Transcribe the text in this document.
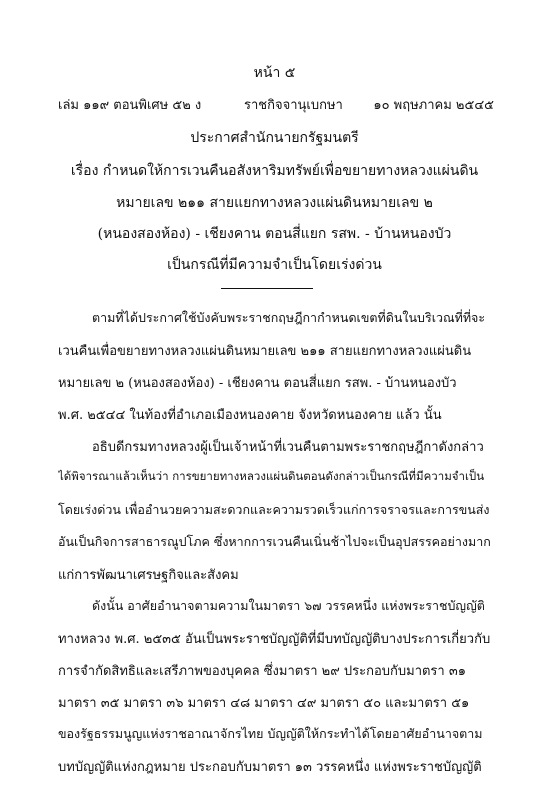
หน้า ๕
เล่ม ๑๑๙ ตอนพิเศษ ๕๒ ง	ราชกิจจานุเบกษา ๑๐ พฤษภาคม ๒๕๔๕
ประกาศสำนักนายกรัฐมนตรี
เรื่อง กำหนดให้การเวนคืนอสังหาริมทรัพย์เพื่อขยายทางหลวงแผ่นดิน
หมายเลข ๒๑๑ สายแยกทางหลวงแผ่นดินหมายเลข ๒
(หนองสองห้อง) - เชียงคาน ตอนสี่แยก รสพ. - บ้านหนองบัว
เป็นกรณีที่มีความจำเป็นโดยเร่งด่วน
ตามที่ได้ประกาศใช้บังคับพระราชกฤษฎีกากำหนดเขตที่ดินในบริเวณที่ที่จะ
เวนคืนเพื่อขยายทางหลวงแผ่นดินหมายเลข ๒๑๑ สายแยกทางหลวงแผ่นดิน
หมายเลข ๒ (หนองสองห้อง) - เชียงคาน ตอนสี่แยก รสพ. - บ้านหนองบัว
พ.ศ. ๒๕๔๔ ในท้องที่อำเภอเมืองหนองคาย จังหวัดหนองคาย แล้ว นั้น
อธิบดีกรมทางหลวงผู้เป็นเจ้าหน้าที่เวนคืนตามพระราชกฤษฎีกาดังกล่าว
ได้พิจารณาแล้วเห็นว่า การขยายทางหลวงแผ่นดินตอนดังกล่าวเป็นกรณีที่มีความจำเป็น
โดยเร่งด่วน เพื่ออำนวยความสะดวกและความรวดเร็วแก่การจราจรและการขนส่ง
อันเป็นกิจการสาธารณูปโภค ซึ่งหากการเวนคืนเนิ่นช้าไปจะเป็นอุปสรรคอย่างมาก
แก่การพัฒนาเศรษฐกิจและสังคม
ดังนั้น อาศัยอำนาจตามความในมาตรา ๖๗ วรรคหนึ่ง แห่งพระราชบัญญัติ
ทางหลวง พ.ศ. ๒๕๓๕ อันเป็นพระราชบัญญัติที่มีบทบัญญัติบางประการเกี่ยวกับ
การจำกัดสิทธิและเสรีภาพของบุคคล ซึ่งมาตรา ๒๙ ประกอบกับมาตรา ๓๑
มาตรา ๓๕ มาตรา ๓๖ มาตรา ๔๘ มาตรา ๔๙ มาตรา ๕๐ และมาตรา ๕๑
ของรัฐธรรมนูญแห่งราชอาณาจักรไทย บัญญัติให้กระทำได้โดยอาศัยอำนาจตาม
บทบัญญัติแห่งกฎหมาย ประกอบกับมาตรา ๑๓ วรรคหนึ่ง แห่งพระราชบัญญัติ
